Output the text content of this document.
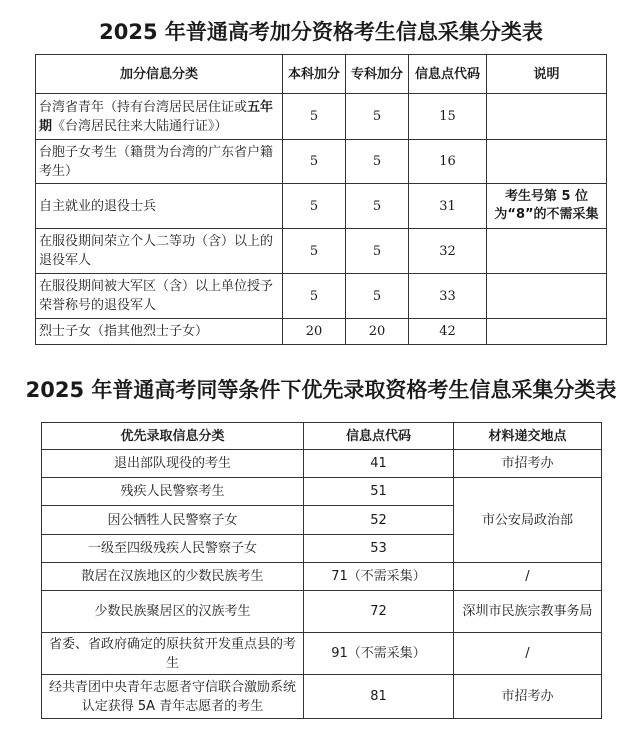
2025 年普通高考加分资格考生信息采集分类表
加分信息分类	本科加分	专科加分	信息点代码	说明
台湾省青年（持有台湾居民居住证或五年期《台湾居民往来大陆通行证》）	5	5	15	
台胞子女考生（籍贯为台湾的广东省户籍考生）	5	5	16	
自主就业的退役士兵	5	5	31	考生号第 5 位为“8”的不需采集
在服役期间荣立个人二等功（含）以上的退役军人	5	5	32	
在服役期间被大军区（含）以上单位授予荣誉称号的退役军人	5	5	33	
烈士子女（指其他烈士子女）	20	20	42	
2025 年普通高考同等条件下优先录取资格考生信息采集分类表
优先录取信息分类	信息点代码	材料递交地点
退出部队现役的考生	41	市招考办
残疾人民警察考生	51	市公安局政治部
因公牺牲人民警察子女	52	
一级至四级残疾人民警察子女	53	
散居在汉族地区的少数民族考生	71（不需采集）	/
少数民族聚居区的汉族考生	72	深圳市民族宗教事务局
省委、省政府确定的原扶贫开发重点县的考生	91（不需采集）	/
经共青团中央青年志愿者守信联合激励系统认定获得 5A 青年志愿者的考生	81	市招考办
